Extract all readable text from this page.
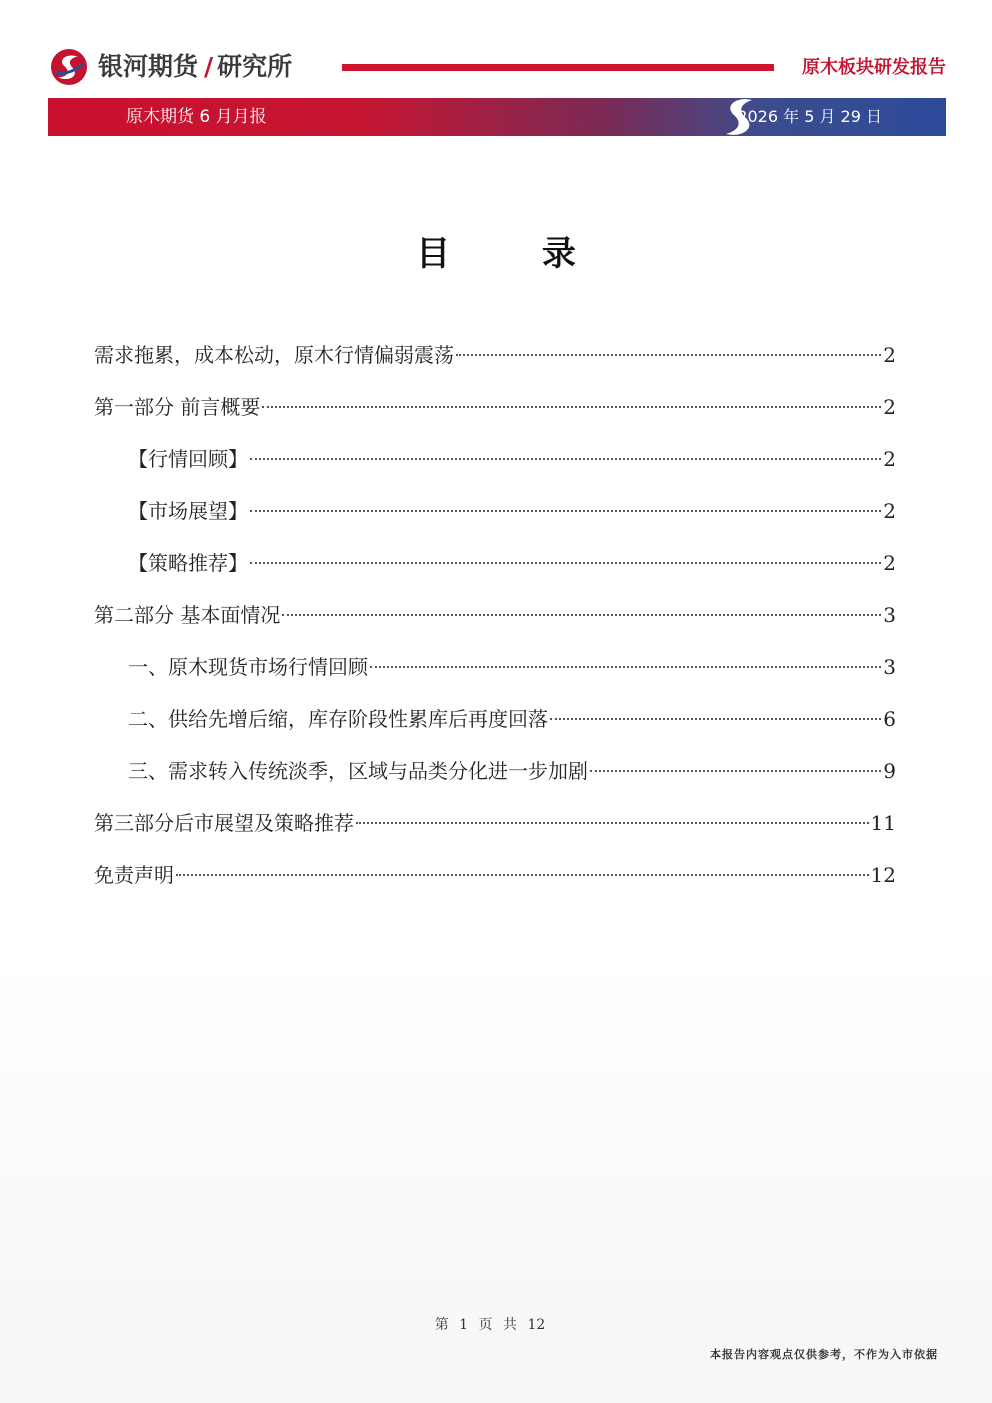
银河期货 / 研究所	原木板块研发报告
原木期货 6 月月报	2026 年 5 月 29 日
目 录
需求拖累，成本松动，原木行情偏弱震荡	2
第一部分 前言概要	2
【行情回顾】	2
【市场展望】	2
【策略推荐】	2
第二部分 基本面情况	3
一、原木现货市场行情回顾	3
二、供给先增后缩，库存阶段性累库后再度回落	6
三、需求转入传统淡季，区域与品类分化进一步加剧	9
第三部分后市展望及策略推荐	11
免责声明	12
第 1 页 共 12
本报告内容观点仅供参考，不作为入市依据
